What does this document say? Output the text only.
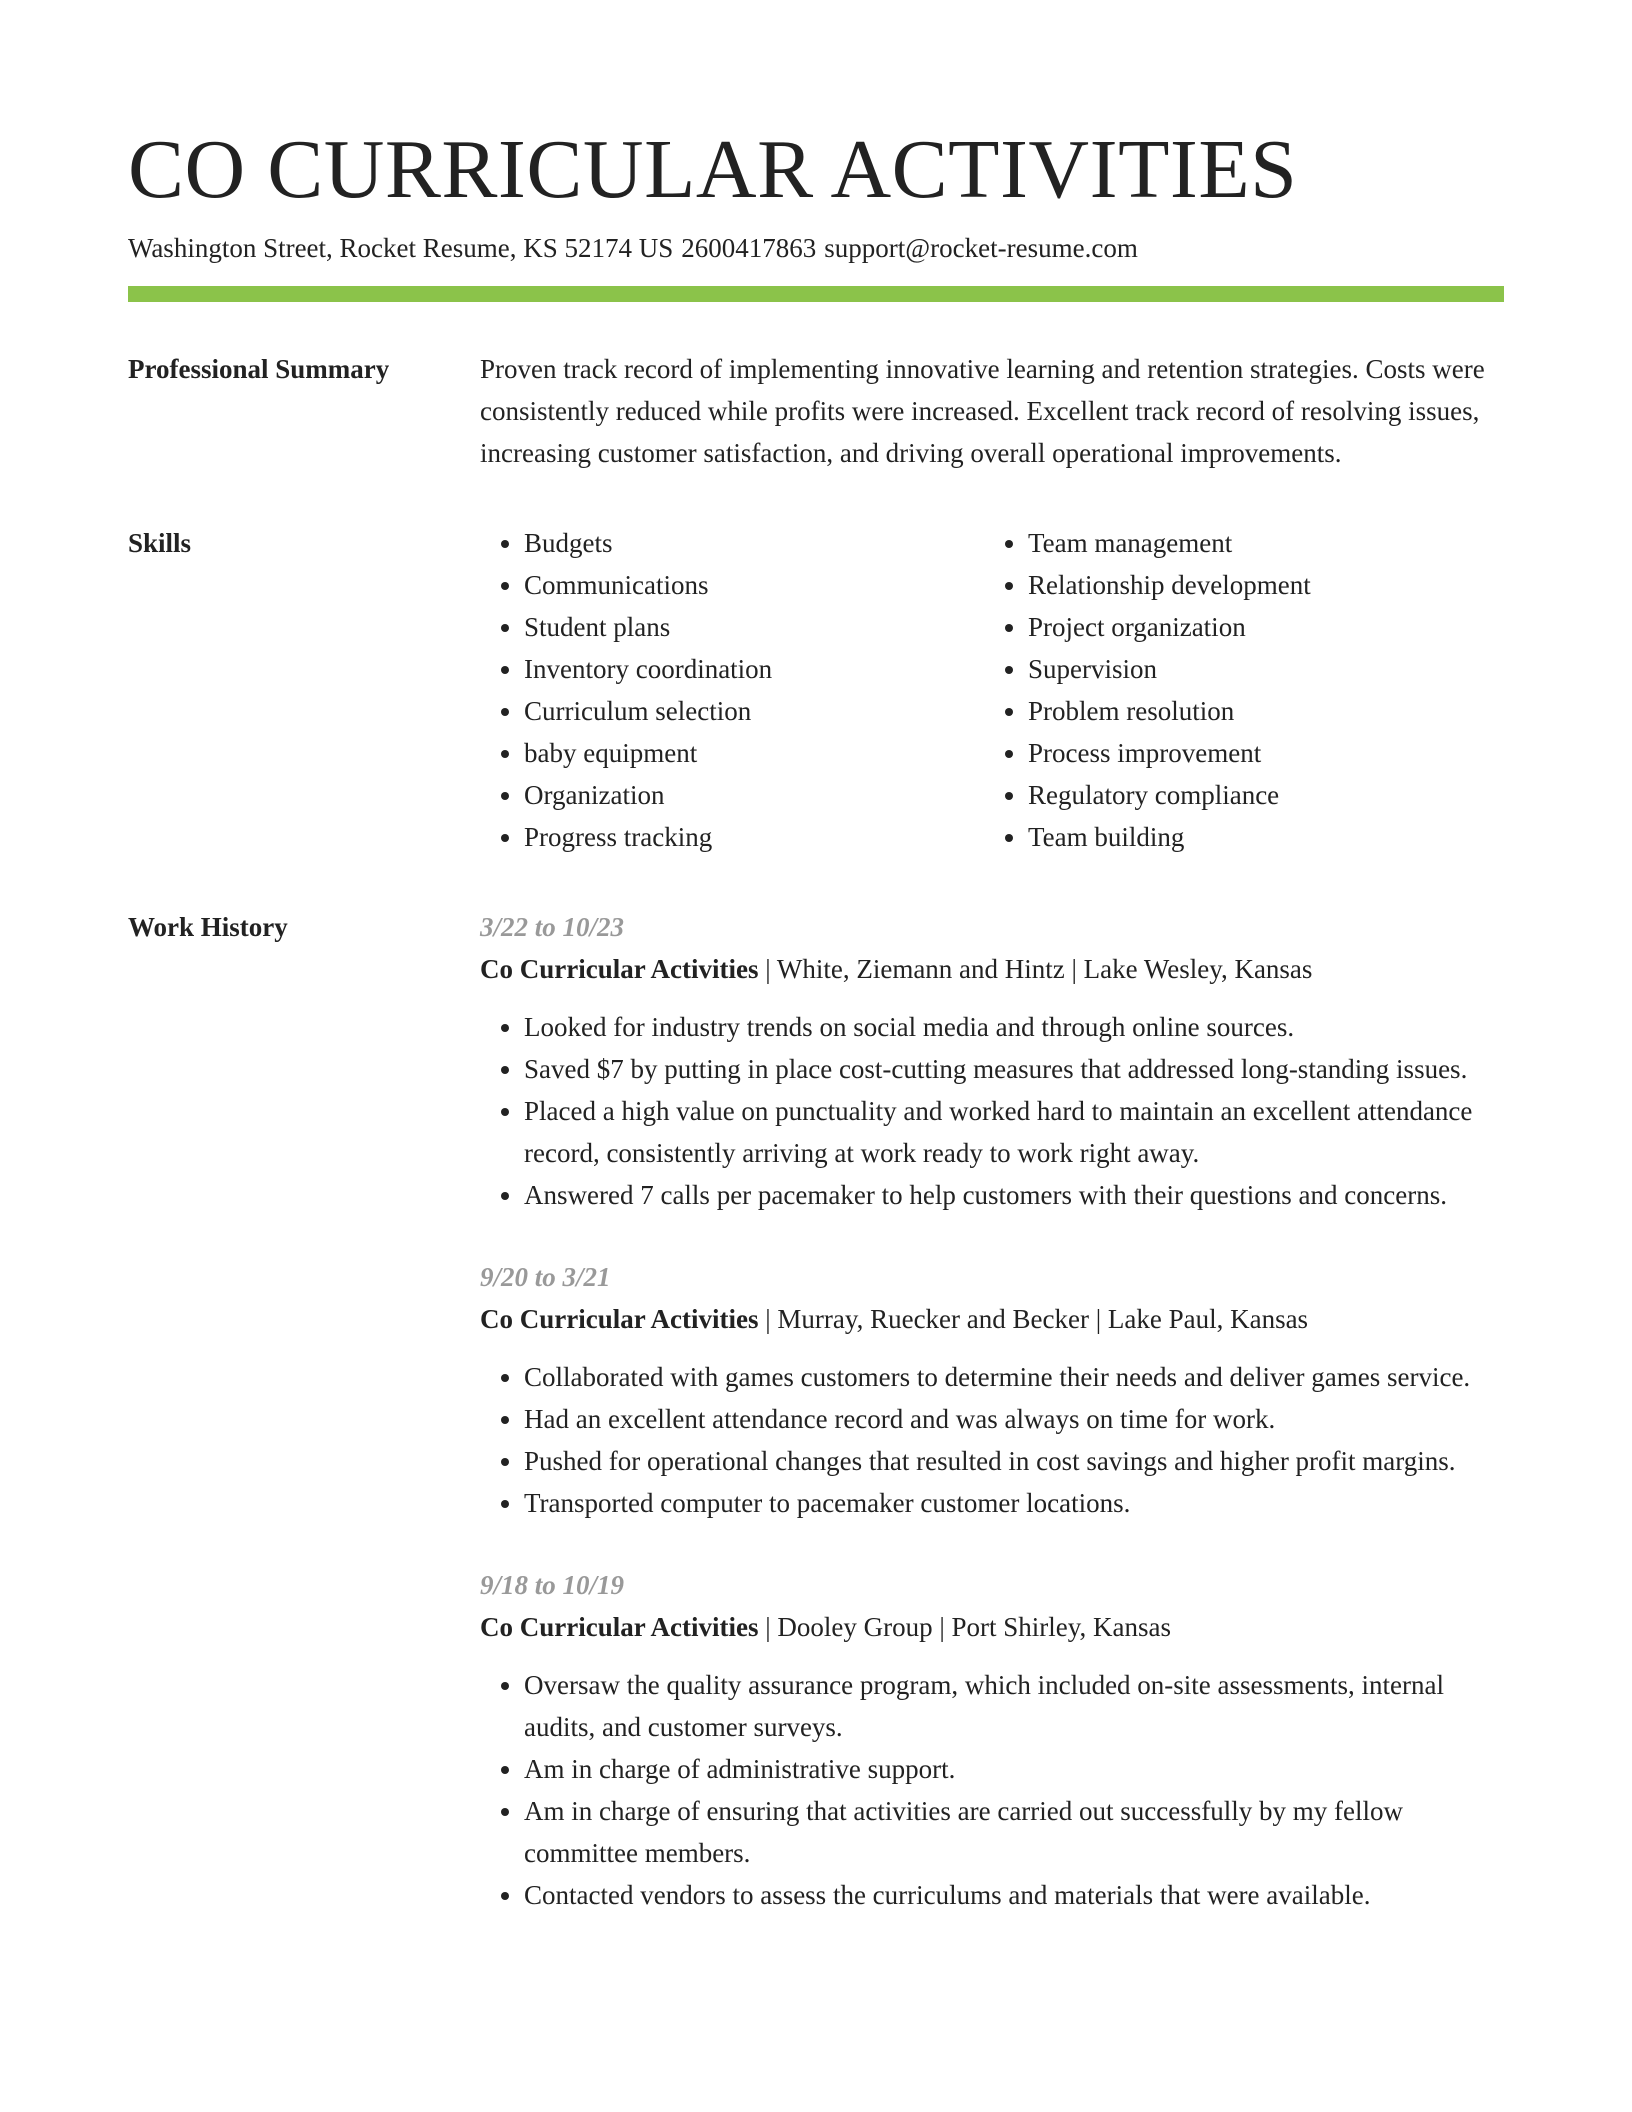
CO CURRICULAR ACTIVITIES
Washington Street, Rocket Resume, KS 52174 US 2600417863 support@rocket-resume.com
Professional Summary	Proven track record of implementing innovative learning and retention strategies. Costs were consistently reduced while profits were increased. Excellent track record of resolving issues, increasing customer satisfaction, and driving overall operational improvements.

Skills
•	Budgets
• Communications
• Student plans
• Inventory coordination
• Curriculum selection
• baby equipment
• Organization
• Progress tracking
• Team management
• Relationship development
• Project organization
• Supervision
• Problem resolution
• Process improvement
• Regulatory compliance
• Team building
Work History	3/22 to 10/23
Co Curricular Activities | White, Ziemann and Hintz | Lake Wesley, Kansas
• Looked for industry trends on social media and through online sources.
• Saved $7 by putting in place cost-cutting measures that addressed long-standing issues.
• Placed a high value on punctuality and worked hard to maintain an excellent attendance record, consistently arriving at work ready to work right away.
• Answered 7 calls per pacemaker to help customers with their questions and concerns.
9/20 to 3/21
Co Curricular Activities | Murray, Ruecker and Becker | Lake Paul, Kansas
• Collaborated with games customers to determine their needs and deliver games service.
• Had an excellent attendance record and was always on time for work.
• Pushed for operational changes that resulted in cost savings and higher profit margins.
• Transported computer to pacemaker customer locations.
9/18 to 10/19
Co Curricular Activities | Dooley Group | Port Shirley, Kansas
• Oversaw the quality assurance program, which included on-site assessments, internal audits, and customer surveys.
• Am in charge of administrative support.
• Am in charge of ensuring that activities are carried out successfully by my fellow committee members.
• Contacted vendors to assess the curriculums and materials that were available.
